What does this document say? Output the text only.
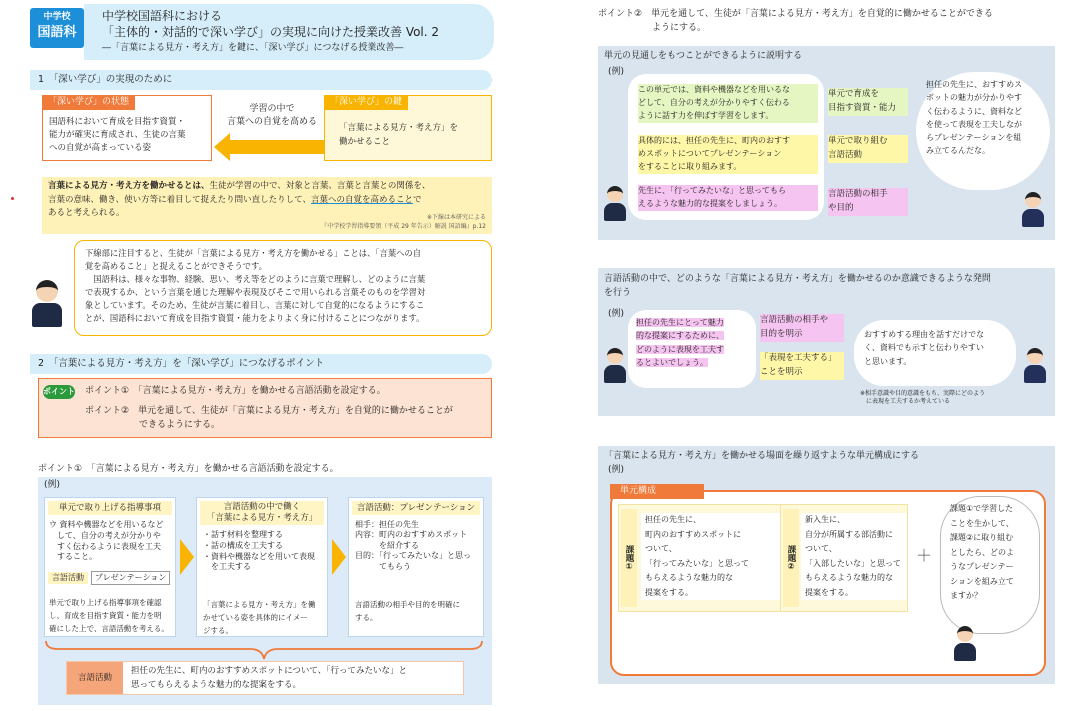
中学校
国語科
中学校国語科における
「主体的・対話的で深い学び」の実現に向けた授業改善 Vol. 2
―「言葉による見方・考え方」を鍵に、「深い学び」につなげる授業改善―
1　「深い学び」の実現のために
「深い学び」の状態
国語科において育成を目指す資質・
能力が確実に育成され、生徒の言葉
への自覚が高まっている姿
学習の中で
言葉への自覚を高める
「深い学び」の鍵
「言葉による見方・考え方」を
働かせること
言葉による見方・考え方を働かせるとは、生徒が学習の中で、対象と言葉、言葉と言葉との関係を、
言葉の意味、働き、使い方等に着目して捉えたり問い直したりして、言葉への自覚を高めることで
あると考えられる。	※下線は本研究による
『中学校学習指導要領（平成 29 年告示）解説 国語編』p.12
下線部に注目すると、生徒が「言葉による見方・考え方を働かせる」ことは、「言葉への自
覚を高めること」と捉えることができそうです。
　国語科は、様々な事物、経験、思い、考え等をどのように言葉で理解し、どのように言葉
で表現するか、という言葉を通じた理解や表現及びそこで用いられる言葉そのものを学習対
象としています。そのため、生徒が言葉に着目し、言葉に対して自覚的になるようにするこ
とが、国語科において育成を目指す資質・能力をよりよく身に付けることにつながります。
2　「言葉による見方・考え方」を「深い学び」につなげるポイント
ポイント ポイント①　「言葉による見方・考え方」を働かせる言語活動を設定する。
ポイント②　単元を通して、生徒が「言葉による見方・考え方」を自覚的に働かせることが
　　　　　　できるようにする。
ポイント①　「言葉による見方・考え方」を働かせる言語活動を設定する。
(例)
単元で取り上げる指導事項
ウ 資料や機器などを用いるなど
　して、自分の考えが分かりや
　すく伝わるように表現を工夫
　すること。
言語活動	プレゼンテーション
単元で取り上げる指導事項を確認
し、育成を目指す資質・能力を明
確にした上で、言語活動を考える。
言語活動の中で働く
「言葉による見方・考え方」
・話す材料を整理する
・話の構成を工夫する
・資料や機器などを用いて表現
　を工夫する
「言葉による見方・考え方」を働
かせている姿を具体的にイメー
ジする。
言語活動：プレゼンテーション
相手：担任の先生
内容：町内のおすすめスポット
　　　を紹介する
目的：「行ってみたいな」と思っ
　　　てもらう
言語活動の相手や目的を明確に
する。
言語活動
担任の先生に、町内のおすすめスポットについて、「行ってみたいな」と
思ってもらえるような魅力的な提案をする。
ポイント②　単元を通して、生徒が「言葉による見方・考え方」を自覚的に働かせることができる
　　　　　　ようにする。
単元の見通しをもつことができるように説明する
(例)
この単元では、資料や機器などを用いるな
どして、自分の考えが分かりやすく伝わる
ように話す力を伸ばす学習をします。
具体的には、担任の先生に、町内のおすす
めスポットについてプレゼンテーション
をすることに取り組みます。
先生に、「行ってみたいな」と思ってもら
えるような魅力的な提案をしましょう。
単元で育成を
目指す資質・能力
単元で取り組む
言語活動
言語活動の相手
や目的
担任の先生に、おすすめス
ポットの魅力が分かりやす
く伝わるように、資料など
を使って表現を工夫しなが
らプレゼンテーションを組
み立てるんだな。
言語活動の中で、どのような「言葉による見方・考え方」を働かせるのか意識できるような発問
を行う
(例)
担任の先生にとって魅力
的な提案にするために、
どのように表現を工夫す
るとよいでしょう。
言語活動の相手や
目的を明示
「表現を工夫する」
ことを明示
おすすめする理由を話すだけでな
く、資料でも示すと伝わりやすい
と思います。
※相手意識や目的意識をもち、実際にどのよう
　に表現を工夫するか考えている
「言葉による見方・考え方」を働かせる場面を繰り返すような単元構成にする
(例)
単元構成
課題①
担任の先生に、
町内のおすすめスポットに
ついて、
「行ってみたいな」と思って
もらえるような魅力的な
提案をする。
課題②
新入生に、
自分が所属する部活動に
ついて、
「入部したいな」と思って
もらえるような魅力的な
提案をする。
＋
課題①で学習した
ことを生かして、
課題②に取り組む
としたら、どのよ
うなプレゼンテー
ションを組み立て
ますか？
